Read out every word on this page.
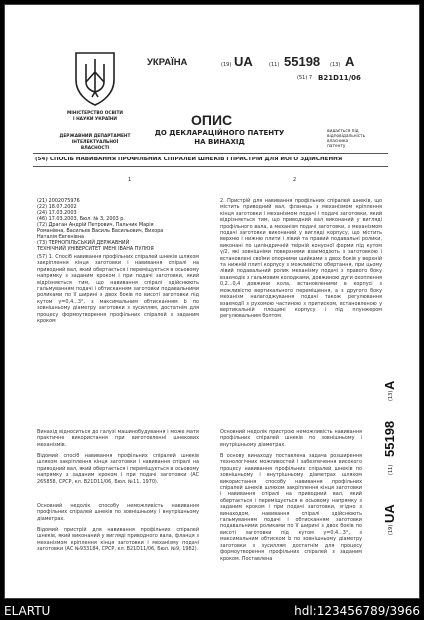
МІНІСТЕРСТВО ОСВІТИ
І НАУКИ УКРАЇНИ
ДЕРЖАВНИЙ ДЕПАРТАМЕНТ
ІНТЕЛЕКТУАЛЬНОЇ
ВЛАСНОСТІ
УКРАЇНА	(19) UA	(11) 55198 (13) A
(51) 7 B21D11/06
ОПИС
ДО ДЕКЛАРАЦІЙНОГО ПАТЕНТУ
НА ВИНАХІД
видається під
відповідальність
власника
патенту
(54) СПОСІБ НАВИВАННЯ ПРОФІЛЬНИХ СПІРАЛЕЙ ШНЕКІВ І ПРИСТРІЙ ДЛЯ ЙОГО ЗДІЙСНЕННЯ
1	2
(21) 2002075976
(22) 18.07.2002
(24) 17.03.2003
(46) 17.03.2003, Бюл. № 3, 2003 р.
(72) Драган Андрій Петрович, Пальчик Марія
Романівна, Васильєв Василь Васильович, Вихора
Наталія Євгенівна
(73) ТЕРНОПІЛЬСЬКИЙ ДЕРЖАВНИЙ
ТЕХНІЧНИЙ УНІВЕРСИТЕТ ІМЕНІ ІВАНА ПУЛЮЯ
(57) 1. Спосіб навивання профільних спіралей шнеків шляхом закріплення кінця заготовки і навивання спіралі на приводний вал, який обертається і переміщується в осьовому напрямку з заданим кроком і при подачі заготовки, який відрізняється тим, що навивання спіралі здійснюють гальмуванням подачі і обтисканням заготовки подавальними роликами по її ширині з двох боків по висоті заготовки під кутом γ=0,4...3°, з максимальним обтисканням b по зовнішньому діаметру заготовки з зусиллям, достатнім для процесу формоутворення профільних спіралей з заданим кроком
2. Пристрій для навивання профільних спіралей шнеків, що містить приводний вал, фланець з механізмом кріплення кінця заготовки і механізмом подачі і подачі заготовки, який відрізняється тим, що приводний вал виконаний у вигляді профільного вала, а механізм подачі заготовки, з механізмом подачі заготовки виконаний у вигляді корпусу, що містить верхню і нижню плити і лівий та правий подавальні ролики, виконані по циліндричній твірній конусної форми під кутом γ/2, які зовнішніми поверхнями взаємодіють з заготовкою і встановлені своїми опорними шийками з двох боків у верхній та нижній плиті корпусу з можливістю обертання, при цьому лівий подавальний ролик механізму подачі з правого боку взаємодіє з гальмовим колодками, довжиною дуги охоплення 0,2...0,4 довжини кола, встановленими в корпусі з можливістю вертикального переміщення, а з другого боку механізм налагоджування подачі також регулювання взаємодії з рухомою частиною з притиском, встановленою у вертикальній площині корпусу і під плунжером регулювальним болтом
Винахід відноситься до галузі машинобудування і може мати практичне використання при виготовленні шнекових механізмів.
Відомий спосіб навивання профільних спіралей шнеків шляхом закріплення кінця заготовки і навивання спіралі на приводний вал, який обертається і переміщується в осьовому напрямку з заданим кроком і при подачі заготовки (АС 265858, СРСР, кл. В21D11/06, Бюл. №11, 1970).
Основний недолік способу неможливість навивання профільних спіралей шнеків по зовнішньому і внутрішньому діаметрах.
Відомий пристрій для навивання профільних спіралей шнеків, який виконаний у вигляді приводного вала, фланця з механізмом кріплення кінця заготовки і механізму подачі заготовки (АС №933184, СРСР, кл. B21D11/06, Бюл. №9, 1982).
Основний недолік пристрою неможливість навивання профільних спіралей шнеків по зовнішньому і внутрішньому діаметрах.
В основу винаходу поставлена задача розширення технологічних можливостей і забезпечення високого процесу навивання профільних спіралей шнеків по зовнішньому і внутрішньому діаметрах шляхом використання способу навивання профільних спіралей шнеків шляхом закріплення кінця заготовки і навивання спіралі на приводний вал, який обертається і переміщується в осьовому напрямку з заданим кроком і при подачі заготовки, згідно з винаходом, навивання спіралі здійснюють гальмуванням подачі і обтисканням заготовки подавальними роликами по її ширині з двох боків по висоті заготовки під кутом γ=0,4...3°, з максимальним обтиском b по зовнішньому діаметру заготовки з зусиллям достатнім для процесу формоутворення профільних спіралей з заданим кроком. Поставлена
(13)
A
(11)
55198
(19)
UA
ELARTU	hdl:123456789/3966
